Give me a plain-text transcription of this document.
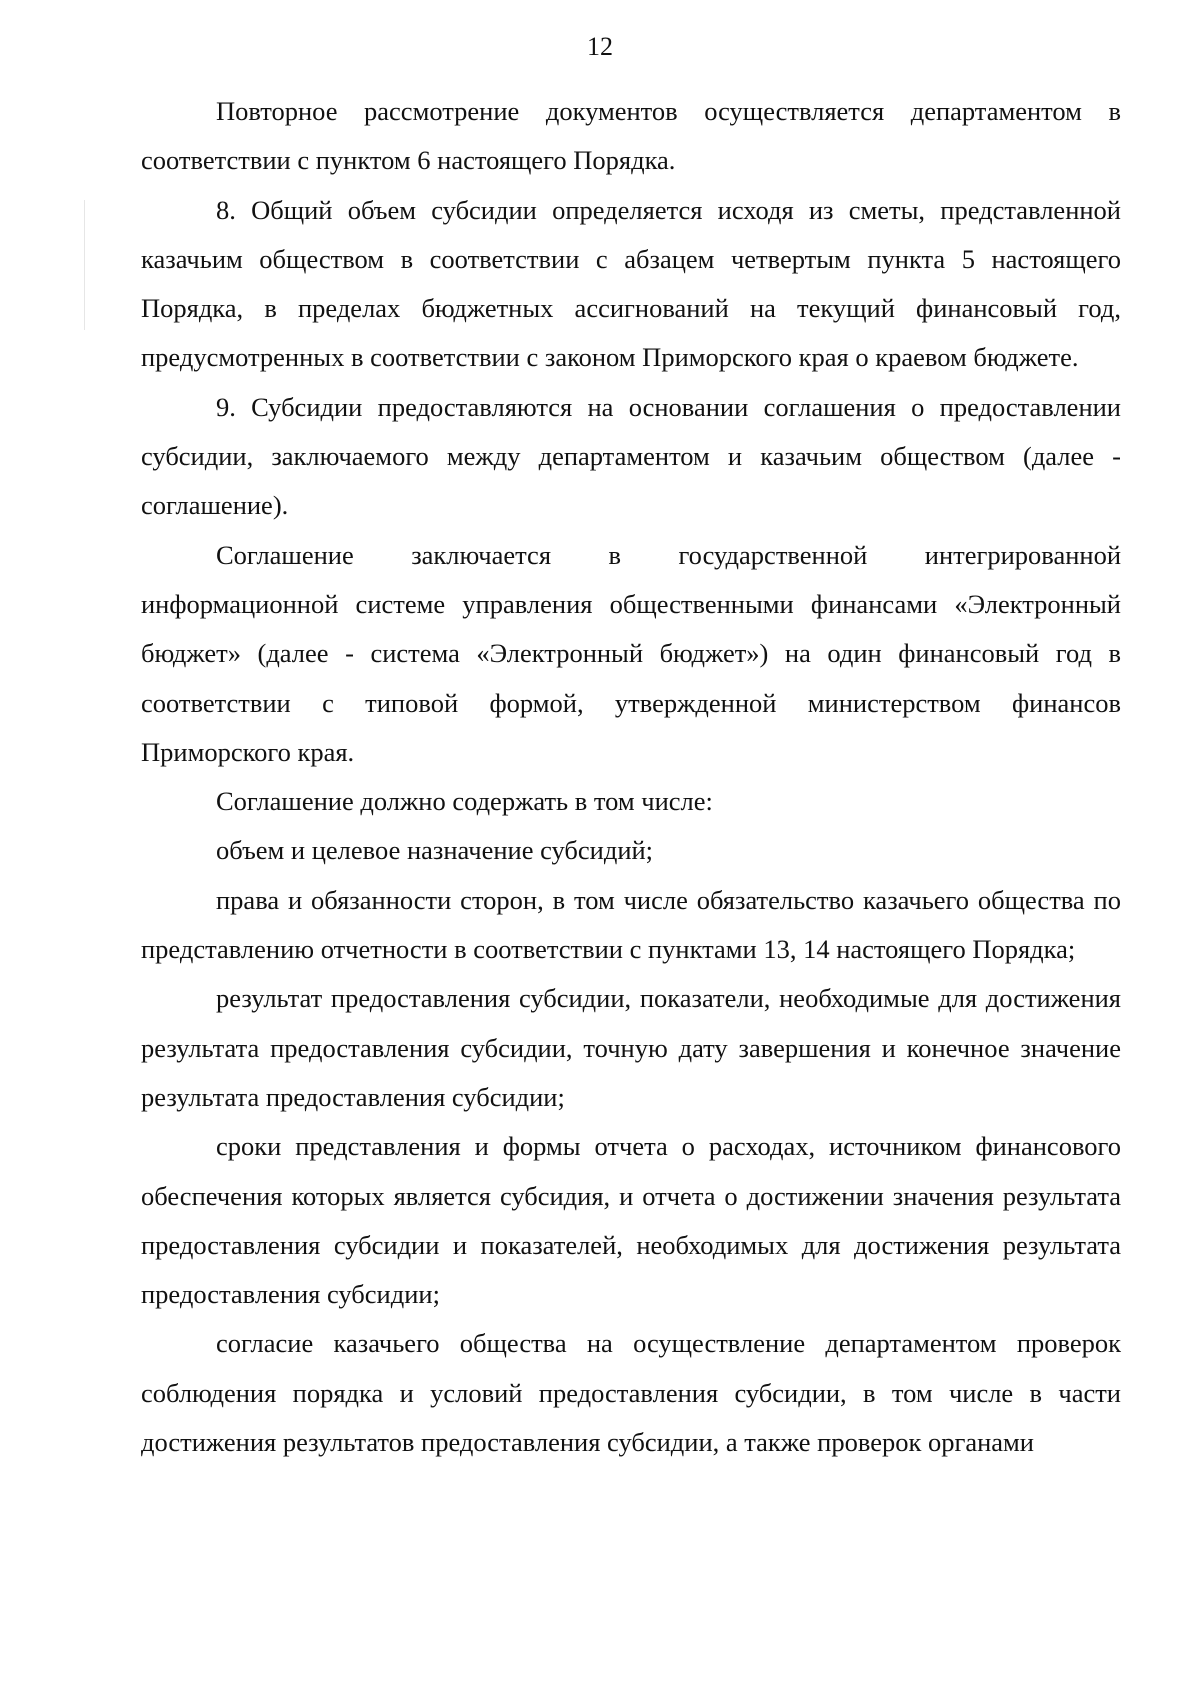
12

Повторное рассмотрение документов осуществляется департаментом в соответствии с пунктом 6 настоящего Порядка.

8. Общий объем субсидии определяется исходя из сметы, представленной казачьим обществом в соответствии с абзацем четвертым пункта 5 настоящего Порядка, в пределах бюджетных ассигнований на текущий финансовый год, предусмотренных в соответствии с законом Приморского края о краевом бюджете.

9. Субсидии предоставляются на основании соглашения о предоставлении субсидии, заключаемого между департаментом и казачьим обществом (далее - соглашение).

Соглашение заключается в государственной интегрированной информационной системе управления общественными финансами «Электронный бюджет» (далее - система «Электронный бюджет») на один финансовый год в соответствии с типовой формой, утвержденной министерством финансов Приморского края.

Соглашение должно содержать в том числе:

объем и целевое назначение субсидий;

права и обязанности сторон, в том числе обязательство казачьего общества по представлению отчетности в соответствии с пунктами 13, 14 настоящего Порядка;

результат предоставления субсидии, показатели, необходимые для достижения результата предоставления субсидии, точную дату завершения и конечное значение результата предоставления субсидии;

сроки представления и формы отчета о расходах, источником финансового обеспечения которых является субсидия, и отчета о достижении значения результата предоставления субсидии и показателей, необходимых для достижения результата предоставления субсидии;

согласие казачьего общества на осуществление департаментом проверок соблюдения порядка и условий предоставления субсидии, в том числе в части достижения результатов предоставления субсидии, а также проверок органами
